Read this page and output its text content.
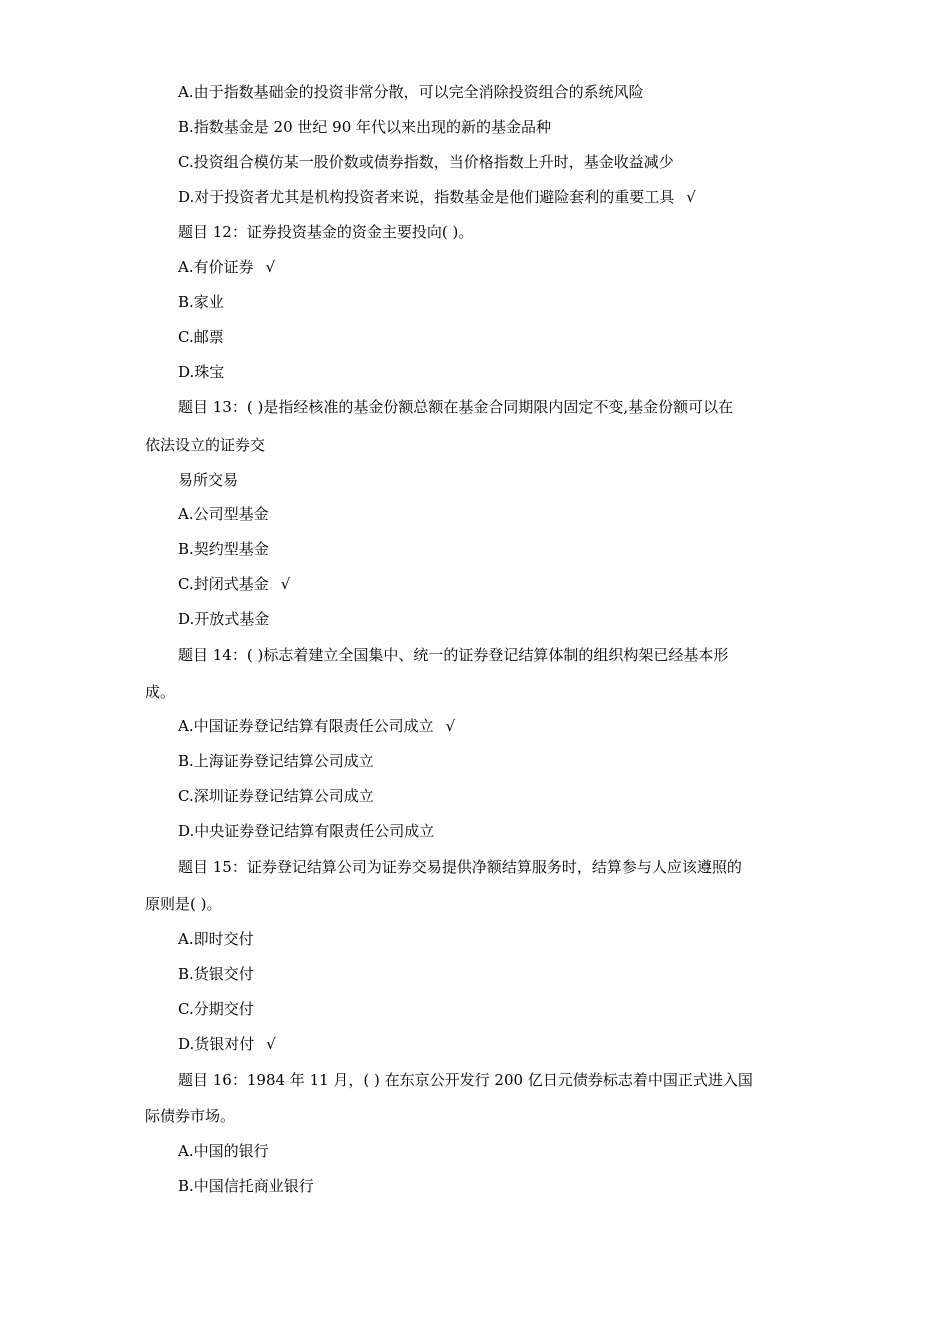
A.由于指数基础金的投资非常分散，可以完全消除投资组合的系统风险
B.指数基金是 20 世纪 90 年代以来出现的新的基金品种
C.投资组合模仿某一股价数或债券指数，当价格指数上升时，基金收益减少
D.对于投资者尤其是机构投资者来说，指数基金是他们避险套利的重要工具 √
题目 12：证券投资基金的资金主要投向( )。
A.有价证券 √
B.家业
C.邮票
D.珠宝
题目 13：( )是指经核准的基金份额总额在基金合同期限内固定不变,基金份额可以在
依法设立的证券交
易所交易
A.公司型基金
B.契约型基金
C.封闭式基金 √
D.开放式基金
题目 14：( )标志着建立全国集中、统一的证券登记结算体制的组织构架已经基本形
成。
A.中国证券登记结算有限责任公司成立 √
B.上海证券登记结算公司成立
C.深圳证券登记结算公司成立
D.中央证券登记结算有限责任公司成立
题目 15：证券登记结算公司为证券交易提供净额结算服务时，结算参与人应该遵照的
原则是( )。
A.即时交付
B.货银交付
C.分期交付
D.货银对付 √
题目 16：1984 年 11 月，( ) 在东京公开发行 200 亿日元债券标志着中国正式进入国
际债券市场。
A.中国的银行
B.中国信托商业银行
